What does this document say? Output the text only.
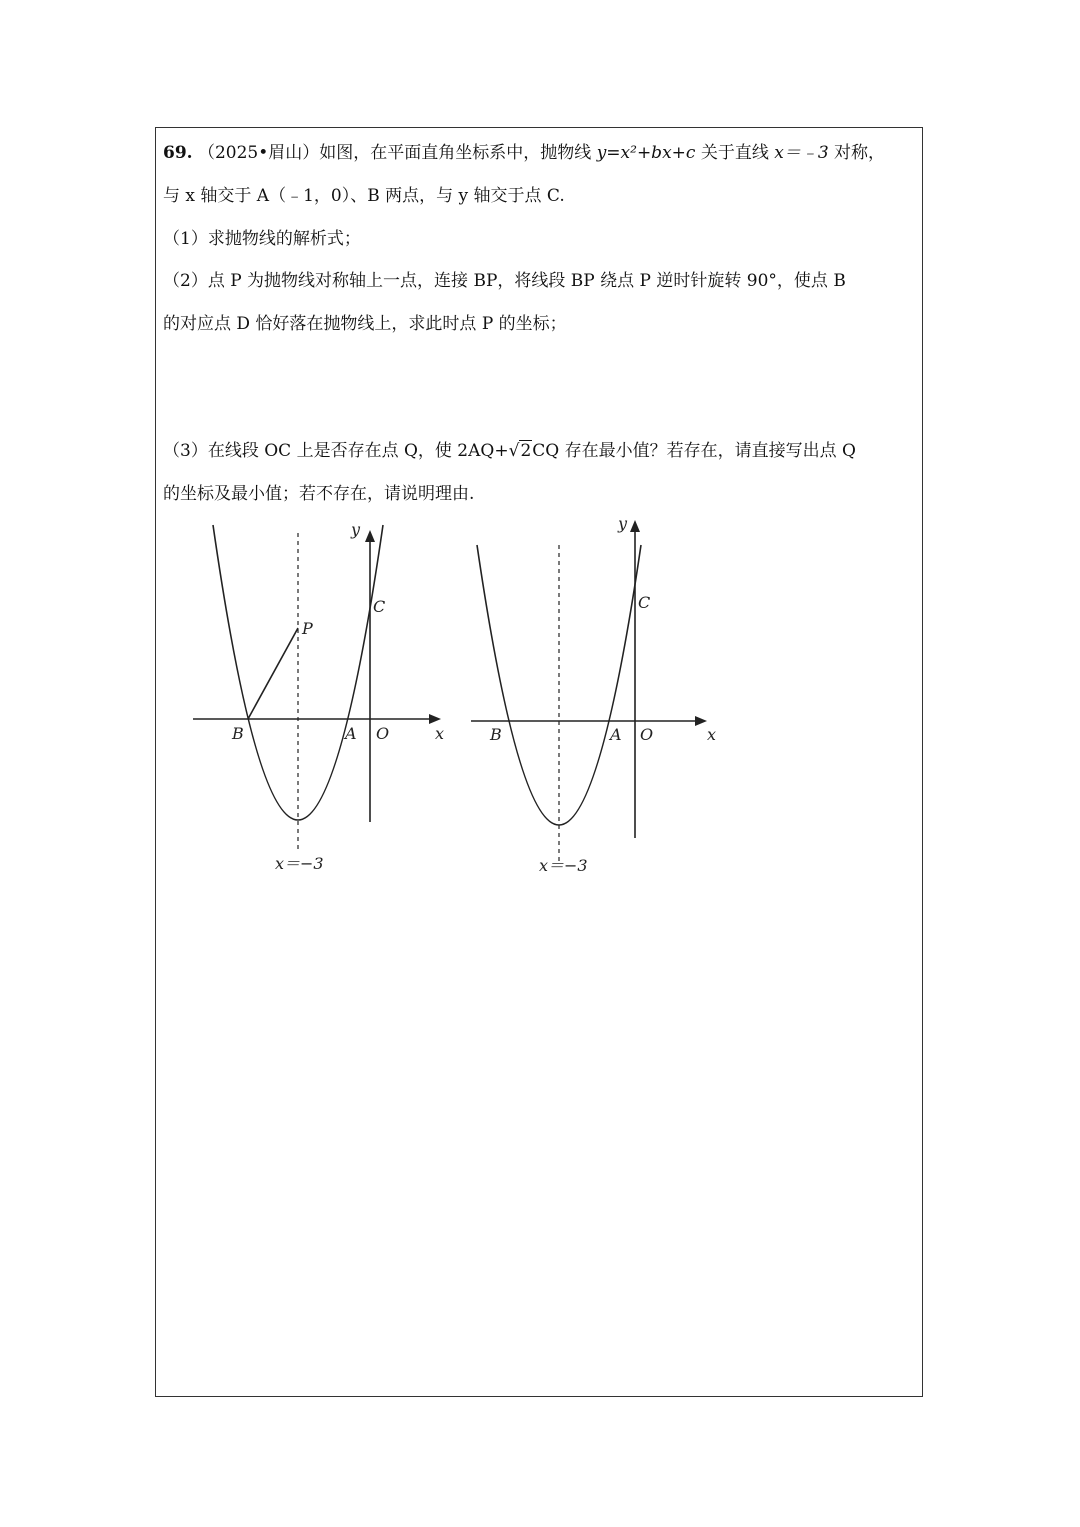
69. （2025•眉山）如图，在平面直角坐标系中，抛物线 y=x²+bx+c 关于直线 x＝﹣3 对称，
与 x 轴交于 A（﹣1，0）、B 两点，与 y 轴交于点 C.
（1）求抛物线的解析式；
（2）点 P 为抛物线对称轴上一点，连接 BP，将线段 BP 绕点 P 逆时针旋转 90°，使点 B
的对应点 D 恰好落在抛物线上，求此时点 P 的坐标；
（3）在线段 OC 上是否存在点 Q，使 2AQ+√2CQ 存在最小值？若存在，请直接写出点 Q
的坐标及最小值；若不存在，请说明理由.
y
C
P
B	A O	x
x＝−3
y
C
B	A O	x
x＝−3
